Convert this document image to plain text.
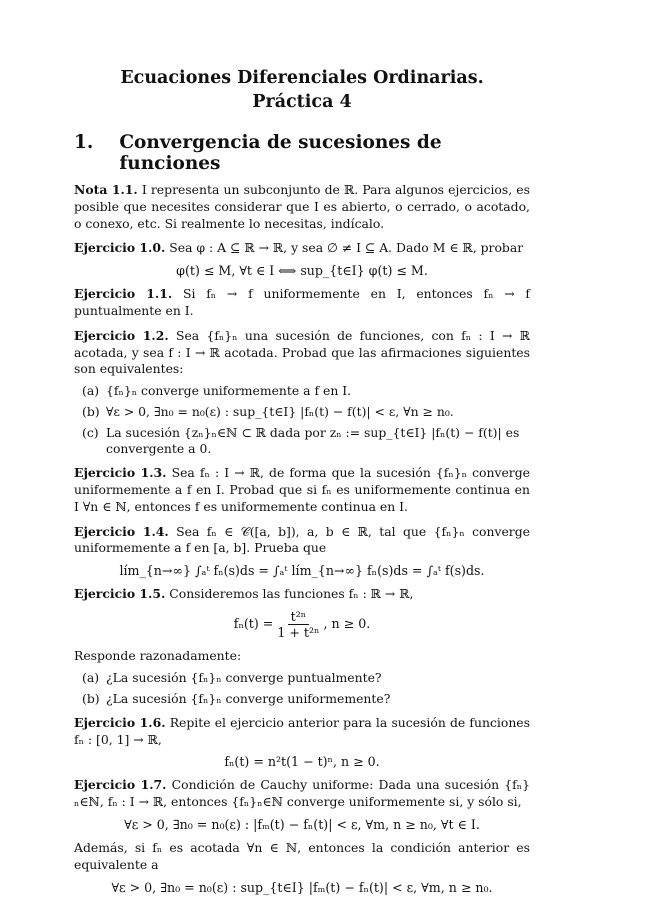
Ecuaciones Diferenciales Ordinarias.
Práctica 4
1. Convergencia de sucesiones de funciones
Nota 1.1. I representa un subconjunto de ℝ. Para algunos ejercicios, es posible que necesites considerar que I es abierto, o cerrado, o acotado, o conexo, etc. Si realmente lo necesitas, indícalo.
Ejercicio 1.0. Sea φ : A ⊆ ℝ → ℝ, y sea ∅ ≠ I ⊆ A. Dado M ∈ ℝ, probar
φ(t) ≤ M, ∀t ∈ I ⟺ sup_{t∈I} φ(t) ≤ M.
Ejercicio 1.1. Si fₙ → f uniformemente en I, entonces fₙ → f puntualmente en I.
Ejercicio 1.2. Sea {fₙ}ₙ una sucesión de funciones, con fₙ : I → ℝ acotada, y sea f : I → ℝ acotada. Probad que las afirmaciones siguientes son equivalentes:
(a) {fₙ}ₙ converge uniformemente a f en I.
(b) ∀ε > 0, ∃n₀ = n₀(ε) : sup_{t∈I} |fₙ(t) − f(t)| < ε, ∀n ≥ n₀.
(c) La sucesión {zₙ}ₙ∈ℕ ⊂ ℝ dada por zₙ := sup_{t∈I} |fₙ(t) − f(t)| es convergente a 0.
Ejercicio 1.3. Sea fₙ : I → ℝ, de forma que la sucesión {fₙ}ₙ converge uniformemente a f en I. Probad que si fₙ es uniformemente continua en I ∀n ∈ ℕ, entonces f es uniformemente continua en I.
Ejercicio 1.4. Sea fₙ ∈ 𝒞([a, b]), a, b ∈ ℝ, tal que {fₙ}ₙ converge uniformemente a f en [a, b]. Prueba que
lím_{n→∞} ∫ₐᵗ fₙ(s)ds = ∫ₐᵗ lím_{n→∞} fₙ(s)ds = ∫ₐᵗ f(s)ds.
Ejercicio 1.5. Consideremos las funciones fₙ : ℝ → ℝ,
$f_n(t) = \frac{\text{t²ⁿ}}{\text{1 + t²ⁿ}}$ , n ≥ 0.
Responde razonadamente:
(a) ¿La sucesión {fₙ}ₙ converge puntualmente?
(b) ¿La sucesión {fₙ}ₙ converge uniformemente?
Ejercicio 1.6. Repite el ejercicio anterior para la sucesión de funciones fₙ : [0, 1] → ℝ,
fₙ(t) = n²t(1 − t)ⁿ, n ≥ 0.
Ejercicio 1.7. Condición de Cauchy uniforme: Dada una sucesión {fₙ}ₙ∈ℕ, fₙ : I → ℝ, entonces {fₙ}ₙ∈ℕ converge uniformemente si, y sólo si,
∀ε > 0, ∃n₀ = n₀(ε) : |fₘ(t) − fₙ(t)| < ε, ∀m, n ≥ n₀, ∀t ∈ I.
Además, si fₙ es acotada ∀n ∈ ℕ, entonces la condición anterior es equivalente a
∀ε > 0, ∃n₀ = n₀(ε) : sup_{t∈I} |fₘ(t) − fₙ(t)| < ε, ∀m, n ≥ n₀.
